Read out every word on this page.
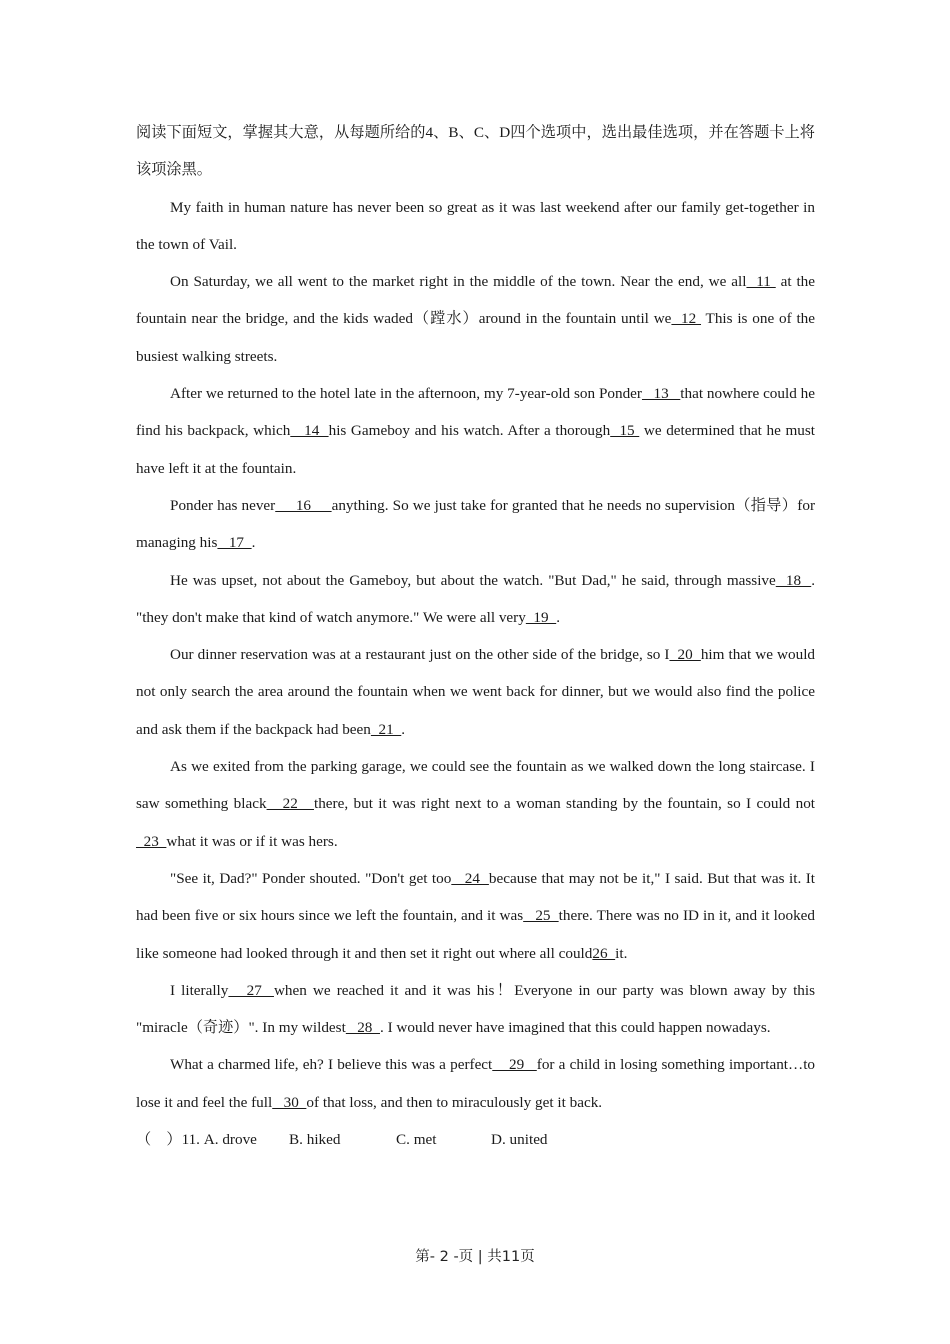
阅读下面短文，掌握其大意，从每题所给的4、B、C、D四个选项中，选出最佳选项，并在答题卡上将该项涂黑。

My faith in human nature has never been so great as it was last weekend after our family get-together in the town of Vail.

On Saturday, we all went to the market right in the middle of the town. Near the end, we all  11  at the fountain near the bridge, and the kids waded（蹚水）around in the fountain until we  12  This is one of the busiest walking streets.

After we returned to the hotel late in the afternoon, my 7-year-old son Ponder   13   that nowhere could he find his backpack, which   14  his Gameboy and his watch. After a thorough  15  we determined that he must have left it at the fountain.

Ponder has never     16     anything. So we just take for granted that he needs no supervision（指导）for managing his   17  .

He was upset, not about the Gameboy, but about the watch. "But Dad," he said, through massive  18  . "they don't make that kind of watch anymore." We were all very  19  .

Our dinner reservation was at a restaurant just on the other side of the bridge, so I  20  him that we would not only search the area around the fountain when we went back for dinner, but we would also find the police and ask them if the backpack had been  21  .

As we exited from the parking garage, we could see the fountain as we walked down the long staircase. I saw something black   22   there, but it was right next to a woman standing by the fountain, so I could not  23  what it was or if it was hers.

"See it, Dad?" Ponder shouted. "Don't get too   24  because that may not be it," I said. But that was it. It had been five or six hours since we left the fountain, and it was   25  there. There was no ID in it, and it looked like someone had looked through it and then set it right out where all could26  it.

I literally   27  when we reached it and it was his！Everyone in our party was blown away by this "miracle（奇迹）". In my wildest   28  . I would never have imagined that this could happen nowadays.

What a charmed life, eh? I believe this was a perfect    29   for a child in losing something important…to lose it and feel the full   30  of that loss, and then to miraculously get it back.

（　）11. A. drove B. hiked	C. met	D. united

第- 2 -页 | 共11页
